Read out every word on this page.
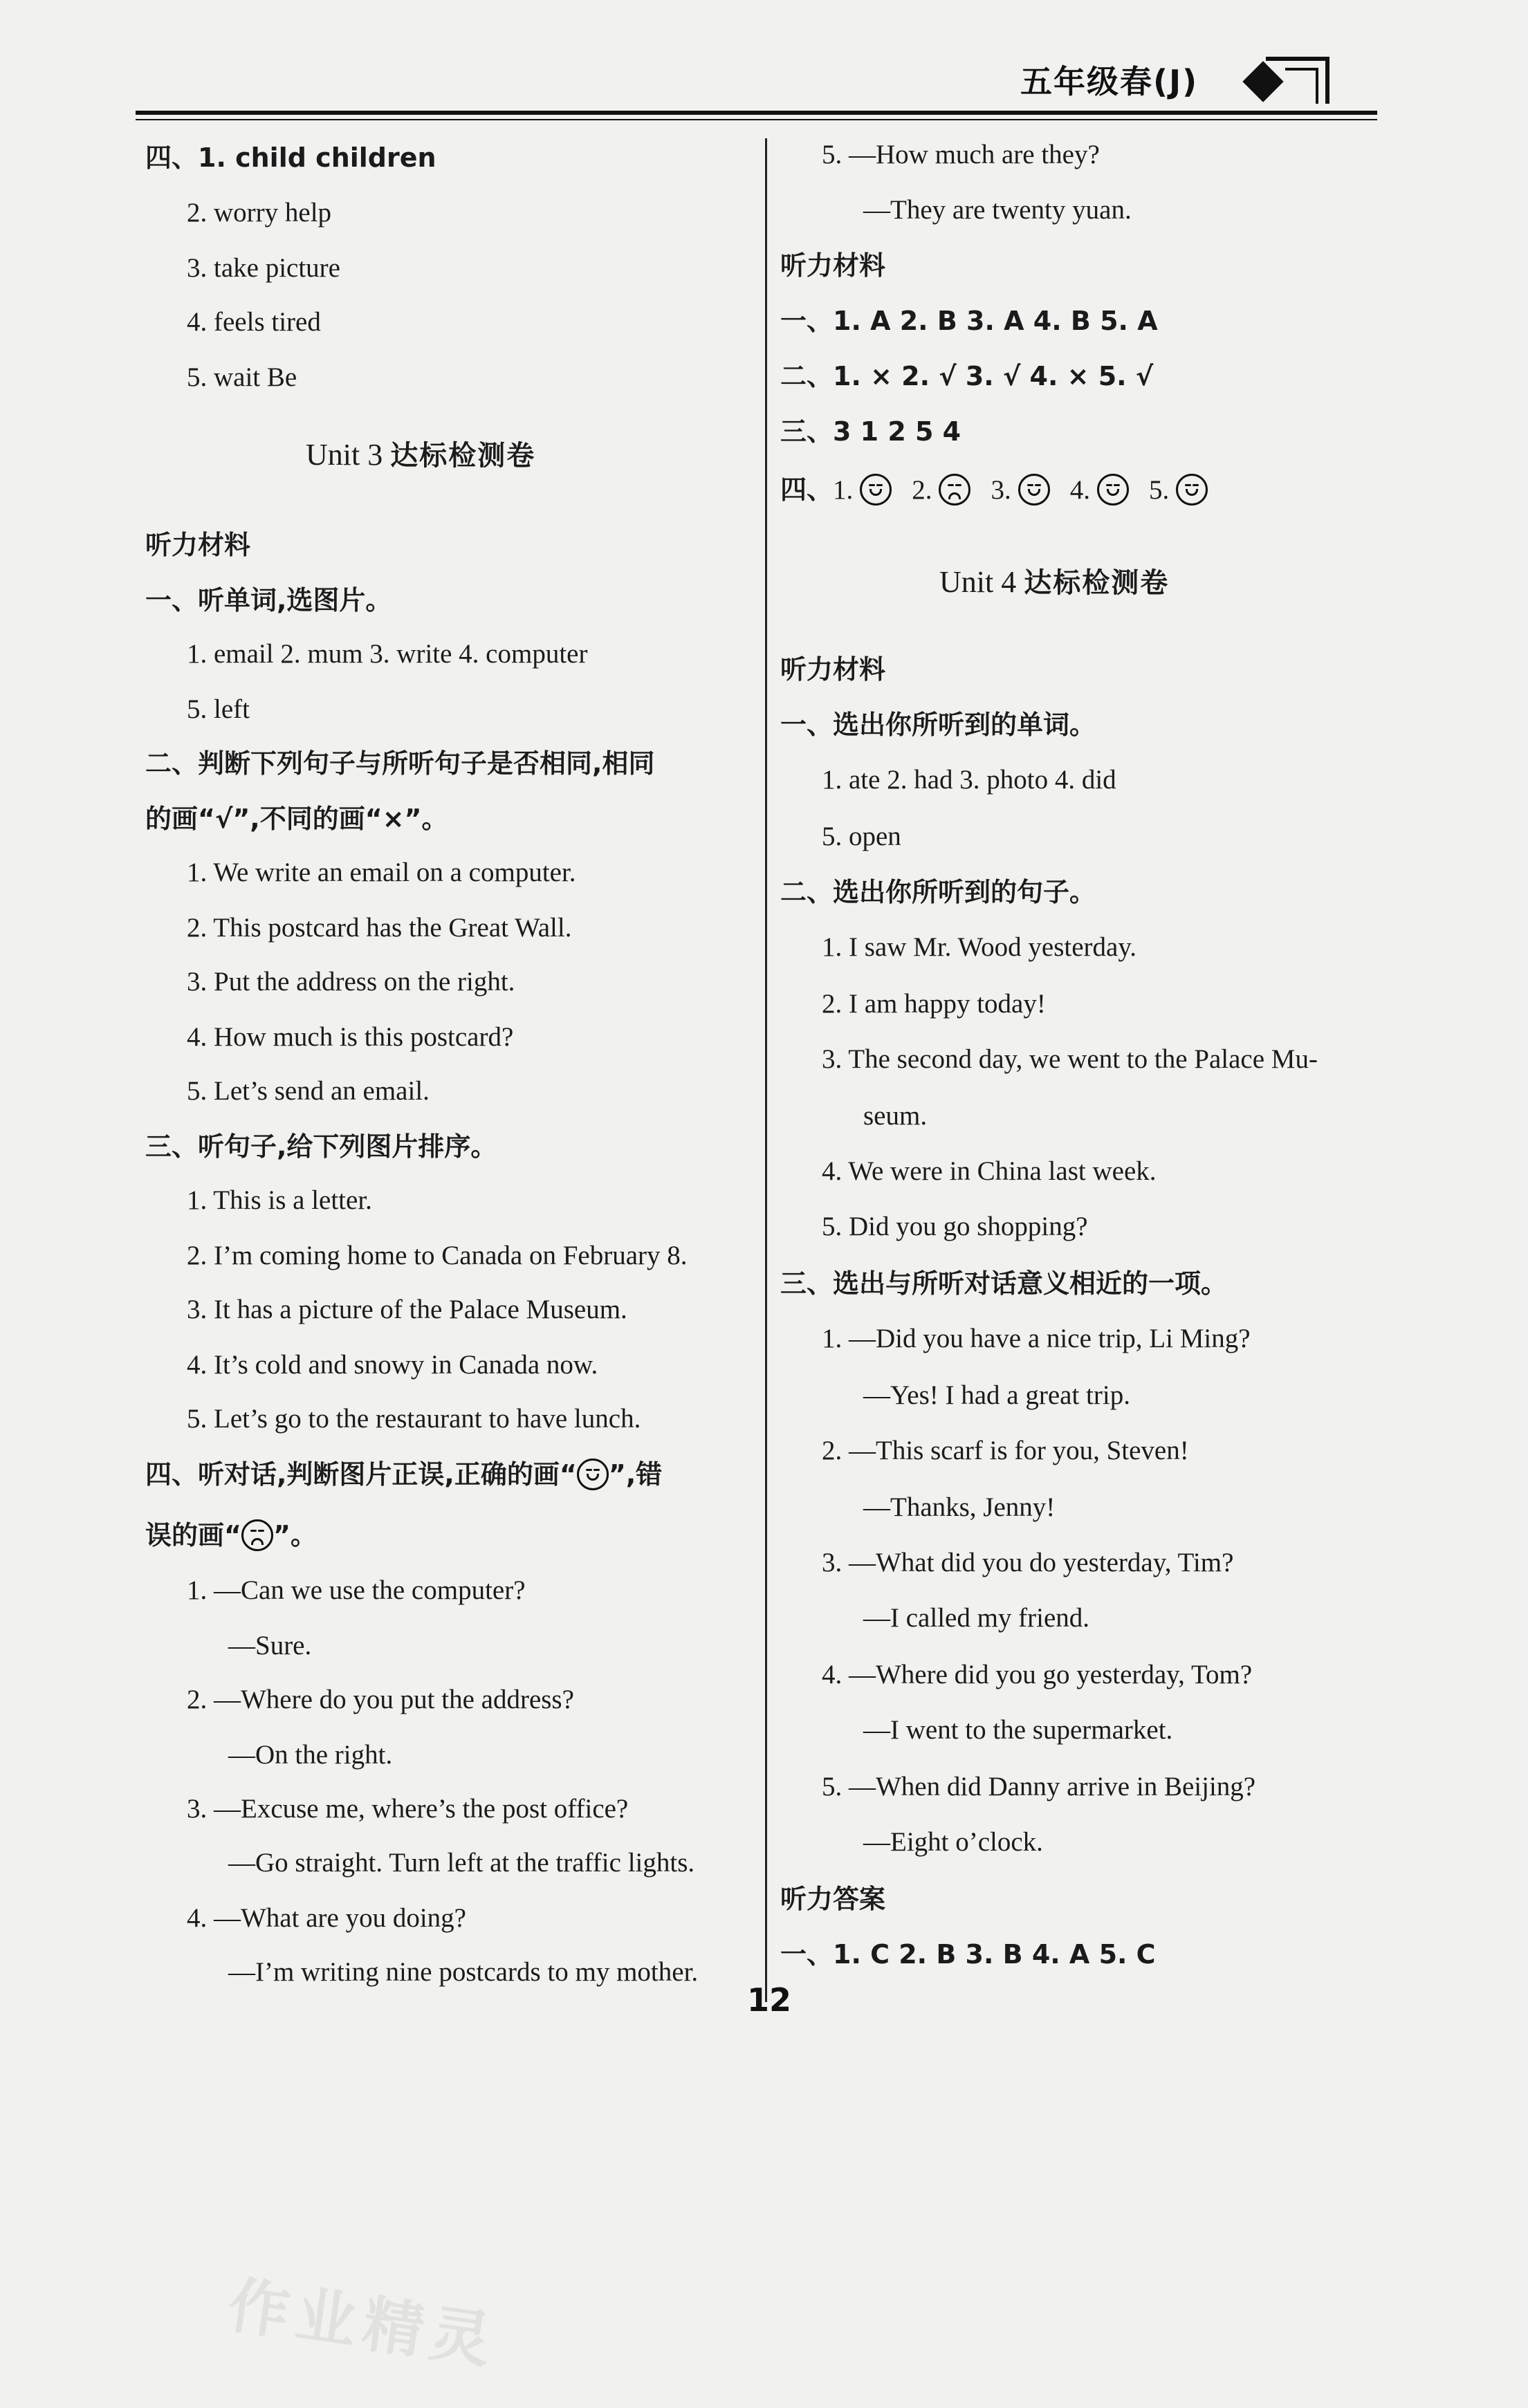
五年级春(J)
四、1. child children
2. worry help
3. take picture
4. feels tired
5. wait Be
Unit 3 达标检测卷
听力材料
一、听单词,选图片。
1. email 2. mum 3. write 4. computer
5. left
二、判断下列句子与所听句子是否相同,相同
的画“√”,不同的画“×”。
1. We write an email on a computer.
2. This postcard has the Great Wall.
3. Put the address on the right.
4. How much is this postcard?
5. Let’s send an email.
三、听句子,给下列图片排序。
1. This is a letter.
2. I’m coming home to Canada on February 8.
3. It has a picture of the Palace Museum.
4. It’s cold and snowy in Canada now.
5. Let’s go to the restaurant to have lunch.
四、听对话,判断图片正误,正确的画“ ”,错
误的画“ ”。
1. —Can we use the computer?
—Sure.
2. —Where do you put the address?
—On the right.
3. —Excuse me, where’s the post office?
—Go straight. Turn left at the traffic lights.
4. —What are you doing?
—I’m writing nine postcards to my mother.
5. —How much are they?
—They are twenty yuan.
听力材料
一、1. A 2. B 3. A 4. B 5. A
二、1. × 2. √ 3. √ 4. × 5. √
三、3 1 2 5 4
四、1. 2. 3. 4. 5.
Unit 4 达标检测卷
听力材料
一、选出你所听到的单词。
1. ate 2. had 3. photo 4. did
5. open
二、选出你所听到的句子。
1. I saw Mr. Wood yesterday.
2. I am happy today!
3. The second day, we went to the Palace Mu-
seum.
4. We were in China last week.
5. Did you go shopping?
三、选出与所听对话意义相近的一项。
1. —Did you have a nice trip, Li Ming?
—Yes! I had a great trip.
2. —This scarf is for you, Steven!
—Thanks, Jenny!
3. —What did you do yesterday, Tim?
—I called my friend.
4. —Where did you go yesterday, Tom?
—I went to the supermarket.
5. —When did Danny arrive in Beijing?
—Eight o’clock.
听力答案
一、1. C 2. B 3. B 4. A 5. C
12
作业精灵
